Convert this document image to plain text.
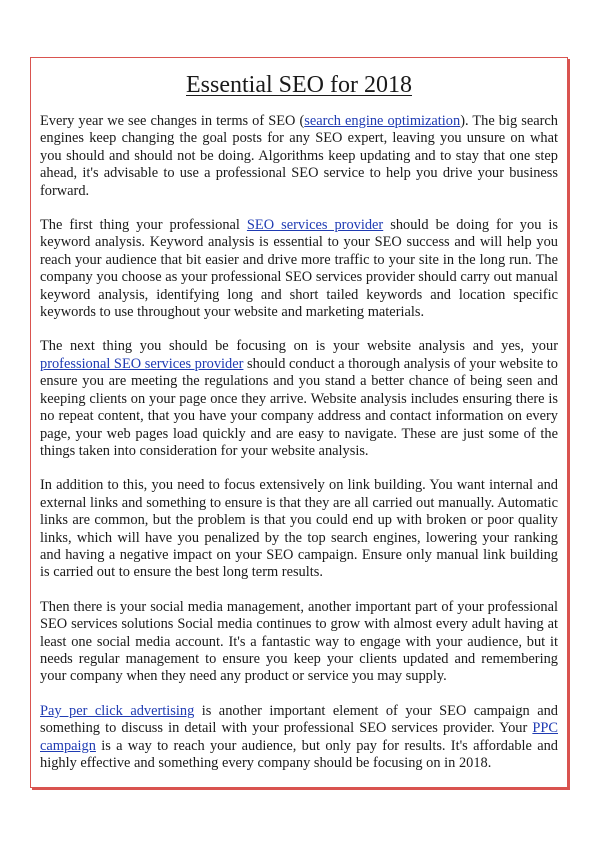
Essential SEO for 2018

Every year we see changes in terms of SEO (search engine optimization). The big search engines keep changing the goal posts for any SEO expert, leaving you unsure on what you should and should not be doing. Algorithms keep updating and to stay that one step ahead, it's advisable to use a professional SEO service to help you drive your business forward.

The first thing your professional SEO services provider should be doing for you is keyword analysis. Keyword analysis is essential to your SEO success and will help you reach your audience that bit easier and drive more traffic to your site in the long run. The company you choose as your professional SEO services provider should carry out manual keyword analysis, identifying long and short tailed keywords and location specific keywords to use throughout your website and marketing materials.

The next thing you should be focusing on is your website analysis and yes, your professional SEO services provider should conduct a thorough analysis of your website to ensure you are meeting the regulations and you stand a better chance of being seen and keeping clients on your page once they arrive. Website analysis includes ensuring there is no repeat content, that you have your company address and contact information on every page, your web pages load quickly and are easy to navigate. These are just some of the things taken into consideration for your website analysis.

In addition to this, you need to focus extensively on link building. You want internal and external links and something to ensure is that they are all carried out manually. Automatic links are common, but the problem is that you could end up with broken or poor quality links, which will have you penalized by the top search engines, lowering your ranking and having a negative impact on your SEO campaign. Ensure only manual link building is carried out to ensure the best long term results.

Then there is your social media management, another important part of your professional SEO services solutions Social media continues to grow with almost every adult having at least one social media account. It's a fantastic way to engage with your audience, but it needs regular management to ensure you keep your clients updated and remembering your company when they need any product or service you may supply.

Pay per click advertising is another important element of your SEO campaign and something to discuss in detail with your professional SEO services provider. Your PPC campaign is a way to reach your audience, but only pay for results. It's affordable and highly effective and something every company should be focusing on in 2018.
